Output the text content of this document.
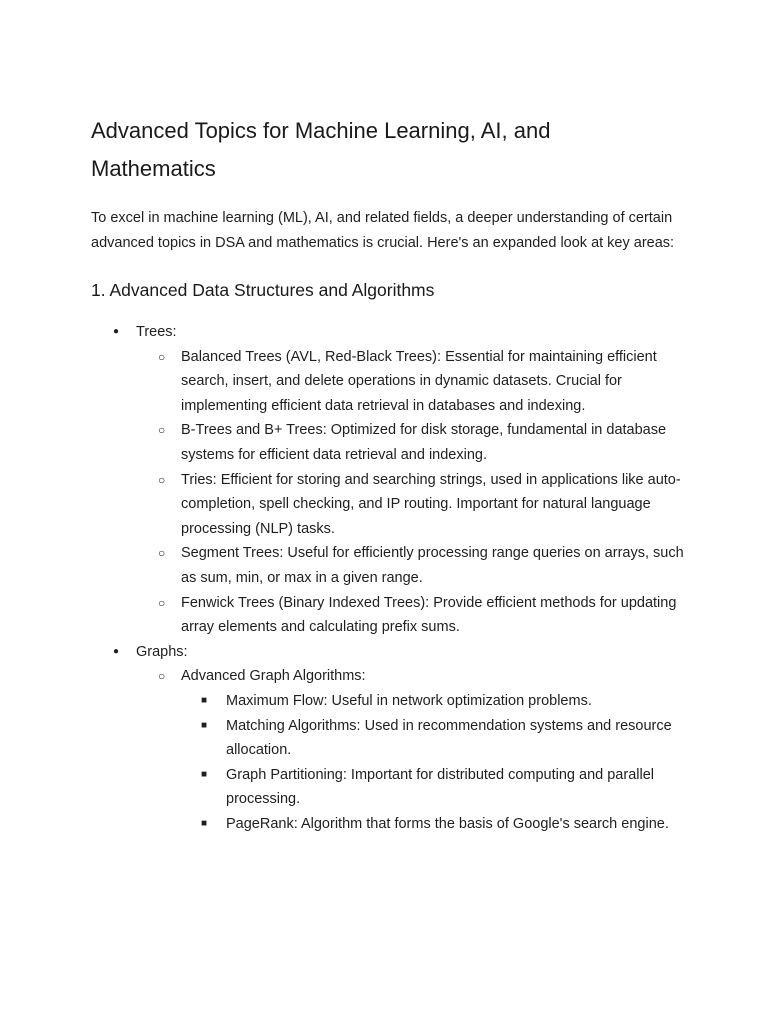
Advanced Topics for Machine Learning, AI, and Mathematics

To excel in machine learning (ML), AI, and related fields, a deeper understanding of certain advanced topics in DSA and mathematics is crucial. Here's an expanded look at key areas:

1. Advanced Data Structures and Algorithms
● Trees:
○ Balanced Trees (AVL, Red-Black Trees): Essential for maintaining efficient search, insert, and delete operations in dynamic datasets. Crucial for implementing efficient data retrieval in databases and indexing.
○ B-Trees and B+ Trees: Optimized for disk storage, fundamental in database systems for efficient data retrieval and indexing.
○ Tries: Efficient for storing and searching strings, used in applications like auto-completion, spell checking, and IP routing. Important for natural language processing (NLP) tasks.
○ Segment Trees: Useful for efficiently processing range queries on arrays, such as sum, min, or max in a given range.
○ Fenwick Trees (Binary Indexed Trees): Provide efficient methods for updating array elements and calculating prefix sums.
● Graphs:
○ Advanced Graph Algorithms:
■ Maximum Flow: Useful in network optimization problems.
■ Matching Algorithms: Used in recommendation systems and resource allocation.
■ Graph Partitioning: Important for distributed computing and parallel processing.
■ PageRank: Algorithm that forms the basis of Google's search engine.
